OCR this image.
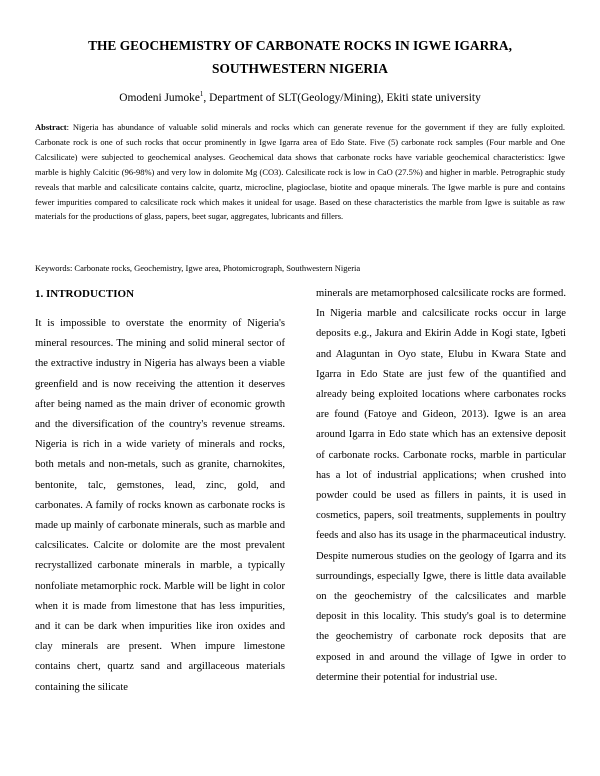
THE GEOCHEMISTRY OF CARBONATE ROCKS IN IGWE IGARRA,
SOUTHWESTERN NIGERIA

Omodeni Jumoke$^1$, Department of SLT(Geology/Mining), Ekiti state university

Abstract: Nigeria has abundance of valuable solid minerals and rocks which can generate revenue for the government if they are fully exploited. Carbonate rock is one of such rocks that occur prominently in Igwe Igarra area of Edo State. Five (5) carbonate rock samples (Four marble and One Calcsilicate) were subjected to geochemical analyses. Geochemical data shows that carbonate rocks have variable geochemical characteristics: Igwe marble is highly Calcitic (96-98%) and very low in dolomite Mg (CO3). Calcsilicate rock is low in CaO (27.5%) and higher in marble. Petrographic study reveals that marble and calcsilicate contains calcite, quartz, microcline, plagioclase, biotite and opaque minerals. The Igwe marble is pure and contains fewer impurities compared to calcsilicate rock which makes it unideal for usage. Based on these characteristics the marble from Igwe is suitable as raw materials for the productions of glass, papers, beet sugar, aggregates, lubricants and fillers.

Keywords: Carbonate rocks, Geochemistry, Igwe area, Photomicrograph, Southwestern Nigeria

1. INTRODUCTION

It is impossible to overstate the enormity of Nigeria's mineral resources. The mining and solid mineral sector of the extractive industry in Nigeria has always been a viable greenfield and is now receiving the attention it deserves after being named as the main driver of economic growth and the diversification of the country's revenue streams. Nigeria is rich in a wide variety of minerals and rocks, both metals and non-metals, such as granite, charnokites, bentonite, talc, gemstones, lead, zinc, gold, and carbonates. A family of rocks known as carbonate rocks is made up mainly of carbonate minerals, such as marble and calcsilicates. Calcite or dolomite are the most prevalent recrystallized carbonate minerals in marble, a typically nonfoliate metamorphic rock. Marble will be light in color when it is made from limestone that has less impurities, and it can be dark when impurities like iron oxides and clay minerals are present. When impure limestone contains chert, quartz sand and argillaceous materials containing the silicate

minerals are metamorphosed calcsilicate rocks are formed. In Nigeria marble and calcsilicate rocks occur in large deposits e.g., Jakura and Ekirin Adde in Kogi state, Igbeti and Alaguntan in Oyo state, Elubu in Kwara State and Igarra in Edo State are just few of the quantified and already being exploited locations where carbonates rocks are found (Fatoye and Gideon, 2013). Igwe is an area around Igarra in Edo state which has an extensive deposit of carbonate rocks. Carbonate rocks, marble in particular has a lot of industrial applications; when crushed into powder could be used as fillers in paints, it is used in cosmetics, papers, soil treatments, supplements in poultry feeds and also has its usage in the pharmaceutical industry. Despite numerous studies on the geology of Igarra and its surroundings, especially Igwe, there is little data available on the geochemistry of the calcsilicates and marble deposit in this locality. This study's goal is to determine the geochemistry of carbonate rock deposits that are exposed in and around the village of Igwe in order to determine their potential for industrial use.
